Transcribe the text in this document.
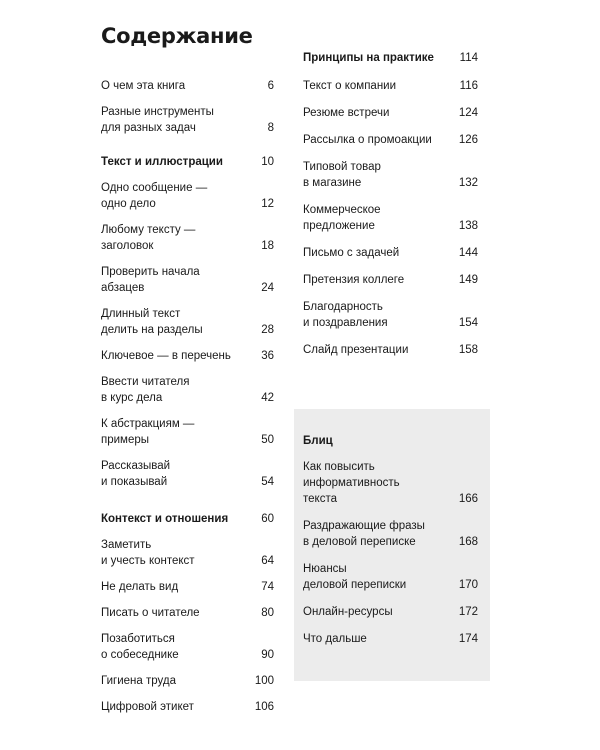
Содержание
О чем эта книга	6
Разные инструменты
для разных задач	8
Текст и иллюстрации	10
Одно сообщение —
одно дело	12
Любому тексту —
заголовок	18
Проверить начала абзацев	24
Длинный текст
делить на разделы	28
Ключевое — в перечень	36
Ввести читателя
в курс дела	42
К абстракциям —
примеры	50
Рассказывай
и показывай	54
Контекст и отношения	60
Заметить
и учесть контекст	64
Не делать вид	74
Писать о читателе	80
Позаботиться
о собеседнике	90
Гигиена труда	100
Цифровой этикет	106
Принципы на практике	114
Текст о компании	116
Резюме встречи	124
Рассылка о промоакции	126
Типовой товар
в магазине	132
Коммерческое
предложение	138
Письмо с задачей	144
Претензия коллеге	149
Благодарность
и поздравления	154
Слайд презентации	158
Блиц
Как повысить
информативность
текста	166
Раздражающие фразы
в деловой переписке	168
Нюансы
деловой переписки	170
Онлайн-ресурсы	172
Что дальше	174
